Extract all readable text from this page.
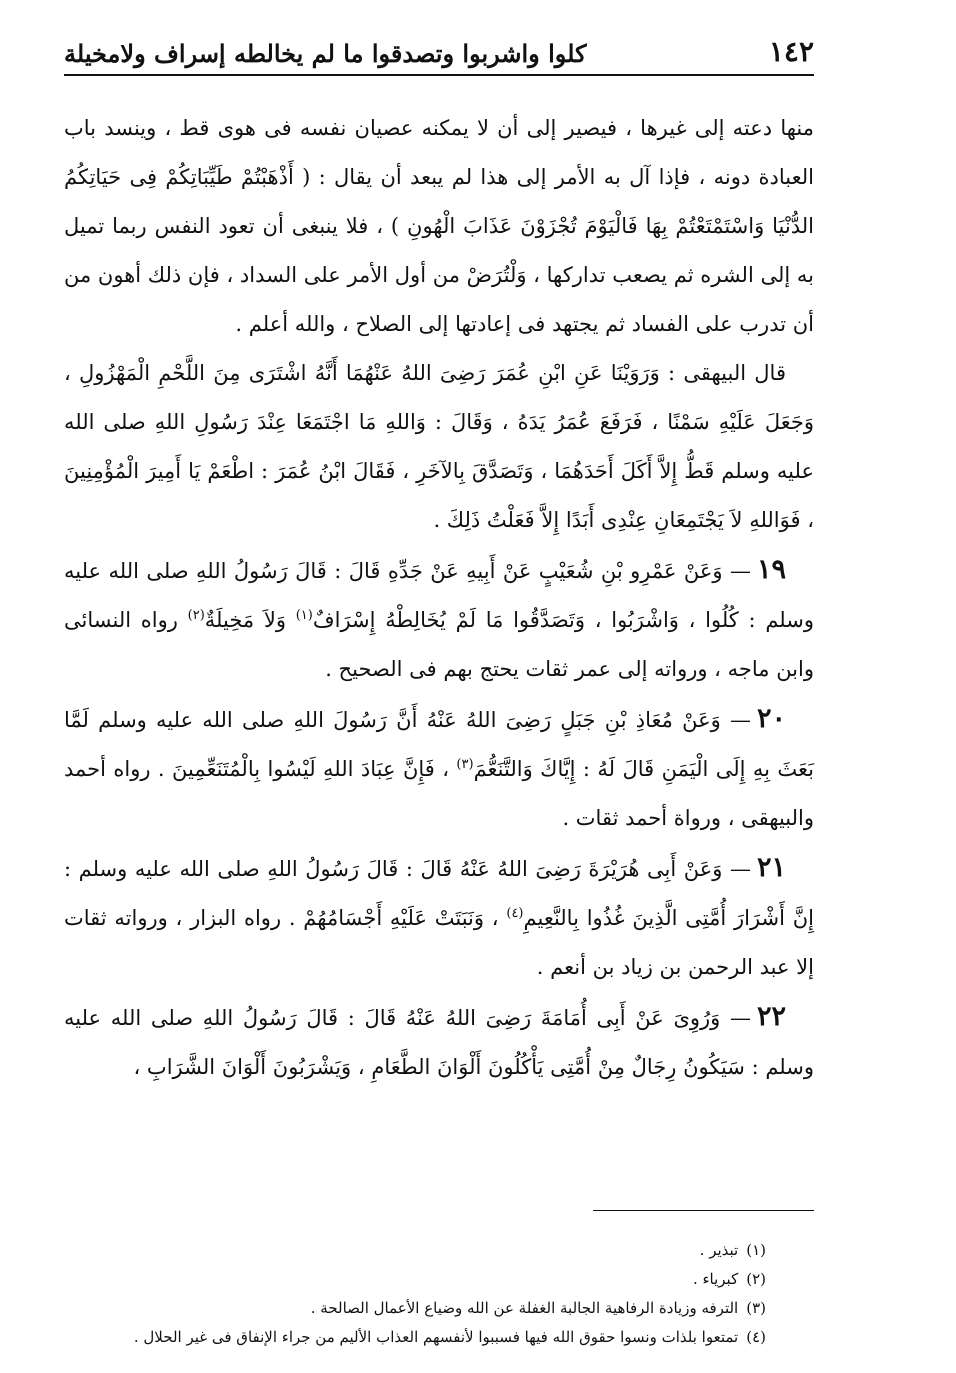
١٤٢
كلوا واشربوا وتصدقوا ما لم يخالطه إسراف ولامخيلة

منها دعته إلى غيرها ، فيصير إلى أن لا يمكنه عصيان نفسه فى هوى قط ، وينسد باب العبادة دونه ، فإذا آل به الأمر إلى هذا لم يبعد أن يقال : ( أَذْهَبْتُمْ طَيِّبَاتِكُمْ فِى حَيَاتِكُمُ الدُّنْيَا وَاسْتَمْتَعْتُمْ بِهَا فَالْيَوْمَ تُجْزَوْنَ عَذَابَ الْهُونِ ) ، فلا ينبغى أن تعود النفس ربما تميل به إلى الشره ثم يصعب تداركها ، وَلْتُرَضْ من أول الأمر على السداد ، فإن ذلك أهون من أن تدرب على الفساد ثم يجتهد فى إعادتها إلى الصلاح ، والله أعلم .

قال البيهقى : وَرَوَيْنَا عَنِ ابْنِ عُمَرَ رَضِىَ اللهُ عَنْهُمَا أَنَّهُ اشْتَرَى مِنَ اللَّحْمِ الْمَهْزُولِ ، وَجَعَلَ عَلَيْهِ سَمْنًا ، فَرَفَعَ عُمَرُ يَدَهُ ، وَقَالَ : وَاللهِ مَا اجْتَمَعَا عِنْدَ رَسُولِ اللهِ صلى الله عليه وسلم قَطُّ إِلاَّ أَكَلَ أَحَدَهُمَا ، وَتَصَدَّقَ بِالآخَرِ ، فَقَالَ ابْنُ عُمَرَ : اطْعَمْ يَا أَمِيرَ الْمُؤْمِنِينَ ، فَوَاللهِ لاَ يَجْتَمِعَانِ عِنْدِى أَبَدًا إِلاَّ فَعَلْتُ ذَلِكَ .

١٩— وَعَنْ عَمْرِو بْنِ شُعَيْبٍ عَنْ أَبِيهِ عَنْ جَدِّهِ قَالَ : قَالَ رَسُولُ اللهِ صلى الله عليه وسلم : كُلُوا ، وَاشْرَبُوا ، وَتَصَدَّقُوا مَا لَمْ يُخَالِطْهُ إِسْرَافٌ$^{(١)}$ وَلاَ مَخِيلَةٌ$^{(٢)}$ رواه النسائى وابن ماجه ، ورواته إلى عمر ثقات يحتج بهم فى الصحيح .

٢٠— وَعَنْ مُعَاذِ بْنِ جَبَلٍ رَضِىَ اللهُ عَنْهُ أَنَّ رَسُولَ اللهِ صلى الله عليه وسلم لَمَّا بَعَثَ بِهِ إِلَى الْيَمَنِ قَالَ لَهُ : إِيَّاكَ وَالتَّنَعُّمَ$^{(٣)}$ ، فَإِنَّ عِبَادَ اللهِ لَيْسُوا بِالْمُتَنَعِّمِينَ . رواه أحمد والبيهقى ، ورواة أحمد ثقات .

٢١— وَعَنْ أَبِى هُرَيْرَةَ رَضِىَ اللهُ عَنْهُ قَالَ : قَالَ رَسُولُ اللهِ صلى الله عليه وسلم : إِنَّ أَشْرَارَ أُمَّتِى الَّذِينَ غُذُوا بِالنَّعِيمِ$^{(٤)}$ ، وَنَبَتَتْ عَلَيْهِ أَجْسَامُهُمْ . رواه البزار ، ورواته ثقات إلا عبد الرحمن بن زياد بن أنعم .

٢٢— وَرُوِىَ عَنْ أَبِى أُمَامَةَ رَضِىَ اللهُ عَنْهُ قَالَ : قَالَ رَسُولُ اللهِ صلى الله عليه وسلم : سَيَكُونُ رِجَالٌ مِنْ أُمَّتِى يَأْكُلُونَ أَلْوَانَ الطَّعَامِ ، وَيَشْرَبُونَ أَلْوَانَ الشَّرَابِ ،

(١)تبذير .
(٢)كبرياء .
(٣)الترفه وزيادة الرفاهية الجالبة الغفلة عن الله وضياع الأعمال الصالحة .
(٤)تمتعوا بلذات ونسوا حقوق الله فيها فسببوا لأنفسهم العذاب الأليم من جراء الإنفاق فى غير الحلال .
